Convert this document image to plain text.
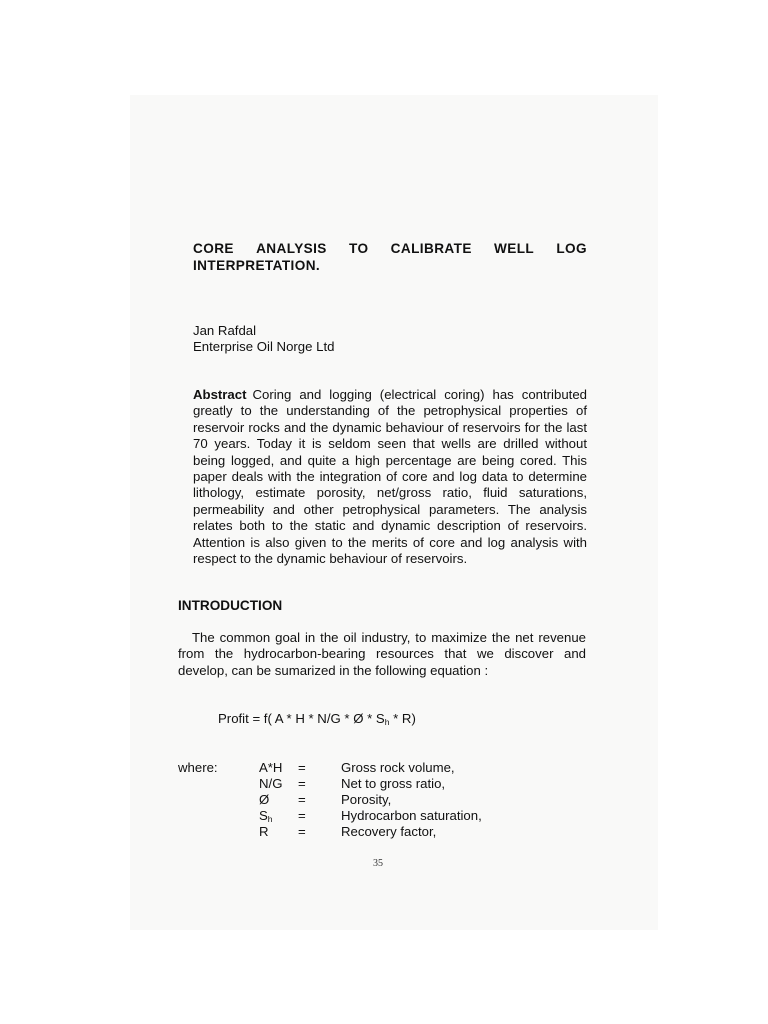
CORE ANALYSIS TO CALIBRATE WELL LOG
INTERPRETATION.
Jan Rafdal
Enterprise Oil Norge Ltd
Abstract Coring and logging (electrical coring) has contributed greatly to the understanding of the petrophysical properties of reservoir rocks and the dynamic behaviour of reservoirs for the last 70 years. Today it is seldom seen that wells are drilled without being logged, and quite a high percentage are being cored. This paper deals with the integration of core and log data to determine lithology, estimate porosity, net/gross ratio, fluid saturations, permeability and other petrophysical parameters. The analysis relates both to the static and dynamic description of reservoirs. Attention is also given to the merits of core and log analysis with respect to the dynamic behaviour of reservoirs.
INTRODUCTION
The common goal in the oil industry, to maximize the net revenue from the hydrocarbon-bearing resources that we discover and develop, can be sumarized in the following equation :
Profit = f( A * H * N/G * Ø * $S_h * R$)
where:	A*H	=	Gross rock volume,
N/G	=	Net to gross ratio,
Ø	=	Porosity,
$S_h$	=	Hydrocarbon saturation,
R	=	Recovery factor,
35
